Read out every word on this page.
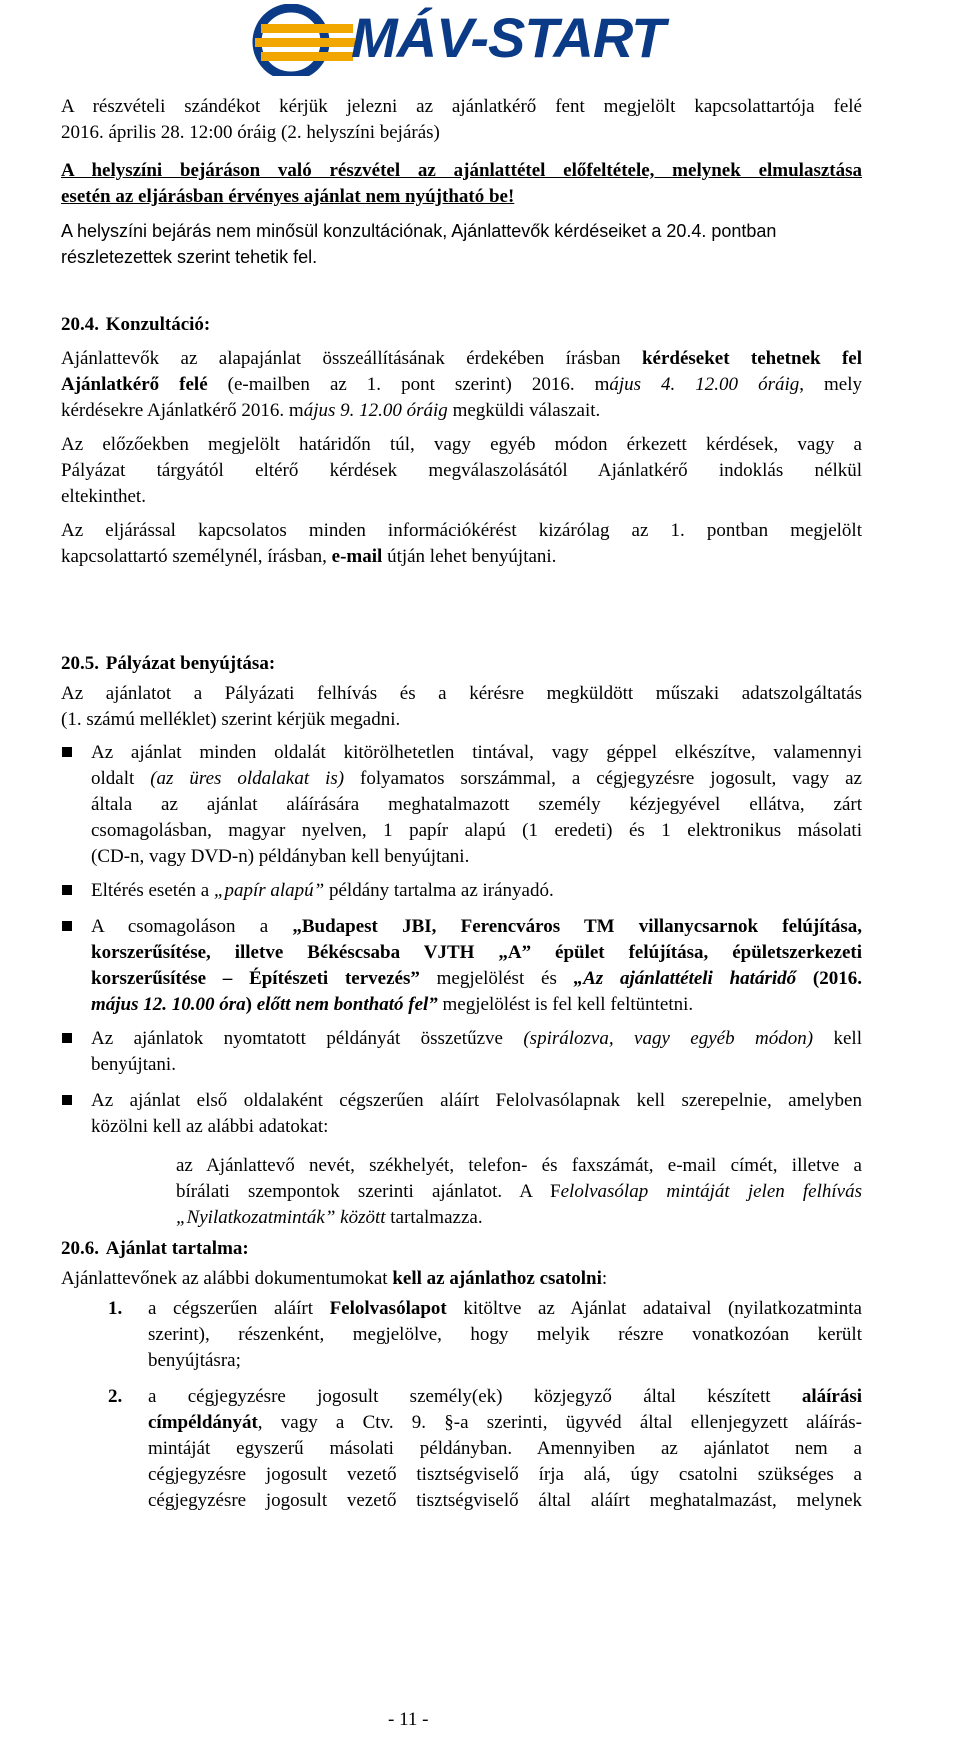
MÁV-START
A részvételi szándékot kérjük jelezni az ajánlatkérő fent megjelölt kapcsolattartója felé
2016. április 28. 12:00 óráig (2. helyszíni bejárás)
A helyszíni bejáráson való részvétel az ajánlattétel előfeltétele, melynek elmulasztása
esetén az eljárásban érvényes ajánlat nem nyújtható be!
A helyszíni bejárás nem minősül konzultációnak, Ajánlattevők kérdéseiket a 20.4. pontban
részletezettek szerint tehetik fel.
20.4. Konzultáció:
Ajánlattevők az alapajánlat összeállításának érdekében írásban kérdéseket tehetnek fel
Ajánlatkérő felé (e-mailben az 1. pont szerint) 2016. május 4. 12.00 óráig, mely
kérdésekre Ajánlatkérő 2016. május 9. 12.00 óráig megküldi válaszait.
Az előzőekben megjelölt határidőn túl, vagy egyéb módon érkezett kérdések, vagy a
Pályázat tárgyától eltérő kérdések megválaszolásától Ajánlatkérő indoklás nélkül
eltekinthet.
Az eljárással kapcsolatos minden információkérést kizárólag az 1. pontban megjelölt
kapcsolattartó személynél, írásban, e-mail útján lehet benyújtani.
20.5. Pályázat benyújtása:
Az ajánlatot a Pályázati felhívás és a kérésre megküldött műszaki adatszolgáltatás
(1. számú melléklet) szerint kérjük megadni.
Az ajánlat minden oldalát kitörölhetetlen tintával, vagy géppel elkészítve, valamennyi
oldalt (az üres oldalakat is) folyamatos sorszámmal, a cégjegyzésre jogosult, vagy az
általa az ajánlat aláírására meghatalmazott személy kézjegyével ellátva, zárt
csomagolásban, magyar nyelven, 1 papír alapú (1 eredeti) és 1 elektronikus másolati
(CD-n, vagy DVD-n) példányban kell benyújtani.
Eltérés esetén a „papír alapú” példány tartalma az irányadó.
A csomagoláson a „Budapest JBI, Ferencváros TM villanycsarnok felújítása,
korszerűsítése, illetve Békéscsaba VJTH „A” épület felújítása, épületszerkezeti
korszerűsítése – Építészeti tervezés” megjelölést és „Az ajánlattételi határidő (2016.
május 12. 10.00 óra) előtt nem bontható fel” megjelölést is fel kell feltüntetni.
Az ajánlatok nyomtatott példányát összetűzve (spirálozva, vagy egyéb módon) kell
benyújtani.
Az ajánlat első oldalaként cégszerűen aláírt Felolvasólapnak kell szerepelnie, amelyben
közölni kell az alábbi adatokat:
az Ajánlattevő nevét, székhelyét, telefon- és faxszámát, e-mail címét, illetve a
bírálati szempontok szerinti ajánlatot. A Felolvasólap mintáját jelen felhívás
„Nyilatkozatminták” között tartalmazza.
20.6. Ajánlat tartalma:
Ajánlattevőnek az alábbi dokumentumokat kell az ajánlathoz csatolni:
1. a cégszerűen aláírt Felolvasólapot kitöltve az Ajánlat adataival (nyilatkozatminta
szerint), részenként, megjelölve, hogy melyik részre vonatkozóan került
benyújtásra;
2. a cégjegyzésre jogosult személy(ek) közjegyző által készített aláírási
címpéldányát, vagy a Ctv. 9. §-a szerinti, ügyvéd által ellenjegyzett aláírás-
mintáját egyszerű másolati példányban. Amennyiben az ajánlatot nem a
cégjegyzésre jogosult vezető tisztségviselő írja alá, úgy csatolni szükséges a
cégjegyzésre jogosult vezető tisztségviselő által aláírt meghatalmazást, melynek
- 11 -
